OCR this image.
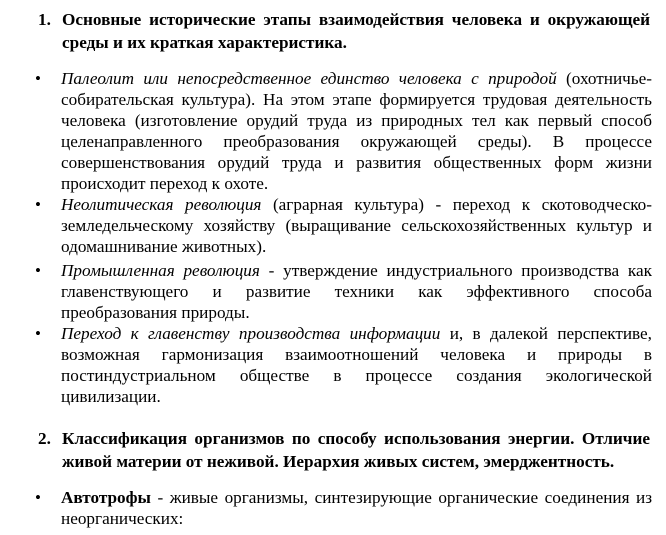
1. Основные исторические этапы взаимодействия человека и окружающей среды и их краткая характеристика.
• Палеолит или непосредственное единство человека с природой (охотничье-собирательская культура). На этом этапе формируется трудовая деятельность человека (изготовление орудий труда из природных тел как первый способ целенаправленного преобразования окружающей среды). В процессе совершенствования орудий труда и развития общественных форм жизни происходит переход к охоте.
• Неолитическая революция (аграрная культура) - переход к скотоводческо-земледельческому хозяйству (выращивание сельскохозяйственных культур и одомашнивание животных).
• Промышленная революция - утверждение индустриального производства как главенствующего и развитие техники как эффективного способа преобразования природы.
• Переход к главенству производства информации и, в далекой перспективе, возможная гармонизация взаимоотношений человека и природы в постиндустриальном обществе в процессе создания экологической цивилизации.
2. Классификация организмов по способу использования энергии. Отличие живой материи от неживой. Иерархия живых систем, эмерджентность.
• Автотрофы - живые организмы, синтезирующие органические соединения из неорганических:
